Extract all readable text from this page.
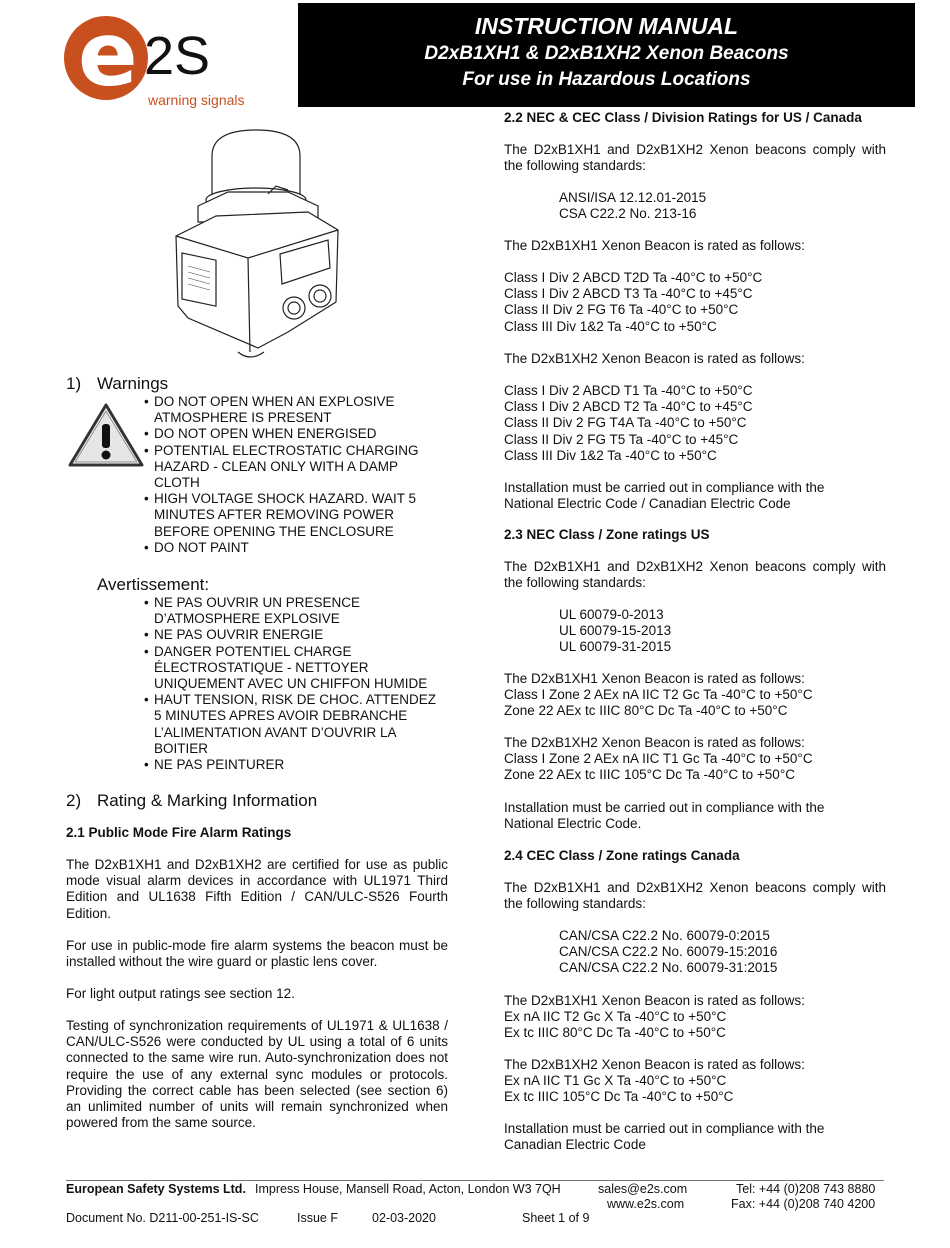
e 2S
warning signals
INSTRUCTION MANUAL
D2xB1XH1 & D2xB1XH2 Xenon Beacons
For use in Hazardous Locations
1) Warnings
• DO NOT OPEN WHEN AN EXPLOSIVE ATMOSPHERE IS PRESENT
• DO NOT OPEN WHEN ENERGISED
• POTENTIAL ELECTROSTATIC CHARGING HAZARD - CLEAN ONLY WITH A DAMP CLOTH
• HIGH VOLTAGE SHOCK HAZARD. WAIT 5 MINUTES AFTER REMOVING POWER BEFORE OPENING THE ENCLOSURE
• DO NOT PAINT
Avertissement:
• NE PAS OUVRIR UN PRESENCE D’ATMOSPHERE EXPLOSIVE
• NE PAS OUVRIR ENERGIE
• DANGER POTENTIEL CHARGE ÉLECTROSTATIQUE - NETTOYER UNIQUEMENT AVEC UN CHIFFON HUMIDE
• HAUT TENSION, RISK DE CHOC. ATTENDEZ 5 MINUTES APRES AVOIR DEBRANCHE L’ALIMENTATION AVANT D’OUVRIR LA BOITIER
• NE PAS PEINTURER
2) Rating & Marking Information
2.1 Public Mode Fire Alarm Ratings
The D2xB1XH1 and D2xB1XH2 are certified for use as public mode visual alarm devices in accordance with UL1971 Third Edition and UL1638 Fifth Edition / CAN/ULC-S526 Fourth Edition.
For use in public-mode fire alarm systems the beacon must be installed without the wire guard or plastic lens cover.
For light output ratings see section 12.
Testing of synchronization requirements of UL1971 & UL1638 / CAN/ULC-S526 were conducted by UL using a total of 6 units connected to the same wire run. Auto-synchronization does not require the use of any external sync modules or protocols. Providing the correct cable has been selected (see section 6) an unlimited number of units will remain synchronized when powered from the same source.
2.2 NEC & CEC Class / Division Ratings for US / Canada
The D2xB1XH1 and D2xB1XH2 Xenon beacons comply with the following standards:
ANSI/ISA 12.12.01-2015
CSA C22.2 No. 213-16
The D2xB1XH1 Xenon Beacon is rated as follows:
Class I Div 2 ABCD T2D Ta -40°C to +50°C
Class I Div 2 ABCD T3 Ta -40°C to +45°C
Class II Div 2 FG T6 Ta -40°C to +50°C
Class III Div 1&2 Ta -40°C to +50°C
The D2xB1XH2 Xenon Beacon is rated as follows:
Class I Div 2 ABCD T1 Ta -40°C to +50°C
Class I Div 2 ABCD T2 Ta -40°C to +45°C
Class II Div 2 FG T4A Ta -40°C to +50°C
Class II Div 2 FG T5 Ta -40°C to +45°C
Class III Div 1&2 Ta -40°C to +50°C
Installation must be carried out in compliance with the National Electric Code / Canadian Electric Code
2.3 NEC Class / Zone ratings US
The D2xB1XH1 and D2xB1XH2 Xenon beacons comply with the following standards:
UL 60079-0-2013
UL 60079-15-2013
UL 60079-31-2015
The D2xB1XH1 Xenon Beacon is rated as follows:
Class I Zone 2 AEx nA IIC T2 Gc Ta -40°C to +50°C
Zone 22 AEx tc IIIC 80°C Dc Ta -40°C to +50°C
The D2xB1XH2 Xenon Beacon is rated as follows:
Class I Zone 2 AEx nA IIC T1 Gc Ta -40°C to +50°C
Zone 22 AEx tc IIIC 105°C Dc Ta -40°C to +50°C
Installation must be carried out in compliance with the National Electric Code.
2.4 CEC Class / Zone ratings Canada
The D2xB1XH1 and D2xB1XH2 Xenon beacons comply with the following standards:
CAN/CSA C22.2 No. 60079-0:2015
CAN/CSA C22.2 No. 60079-15:2016
CAN/CSA C22.2 No. 60079-31:2015
The D2xB1XH1 Xenon Beacon is rated as follows:
Ex nA IIC T2 Gc X Ta -40°C to +50°C
Ex tc IIIC 80°C Dc Ta -40°C to +50°C
The D2xB1XH2 Xenon Beacon is rated as follows:
Ex nA IIC T1 Gc X Ta -40°C to +50°C
Ex tc IIIC 105°C Dc Ta -40°C to +50°C
Installation must be carried out in compliance with the Canadian Electric Code
European Safety Systems Ltd. Impress House, Mansell Road, Acton, London W3 7QH	sales@e2s.com
www.e2s.com
Tel: +44 (0)208 743 8880
Fax: +44 (0)208 740 4200
Document No. D211-00-251-IS-SC	Issue F	02-03-2020	Sheet 1 of 9
